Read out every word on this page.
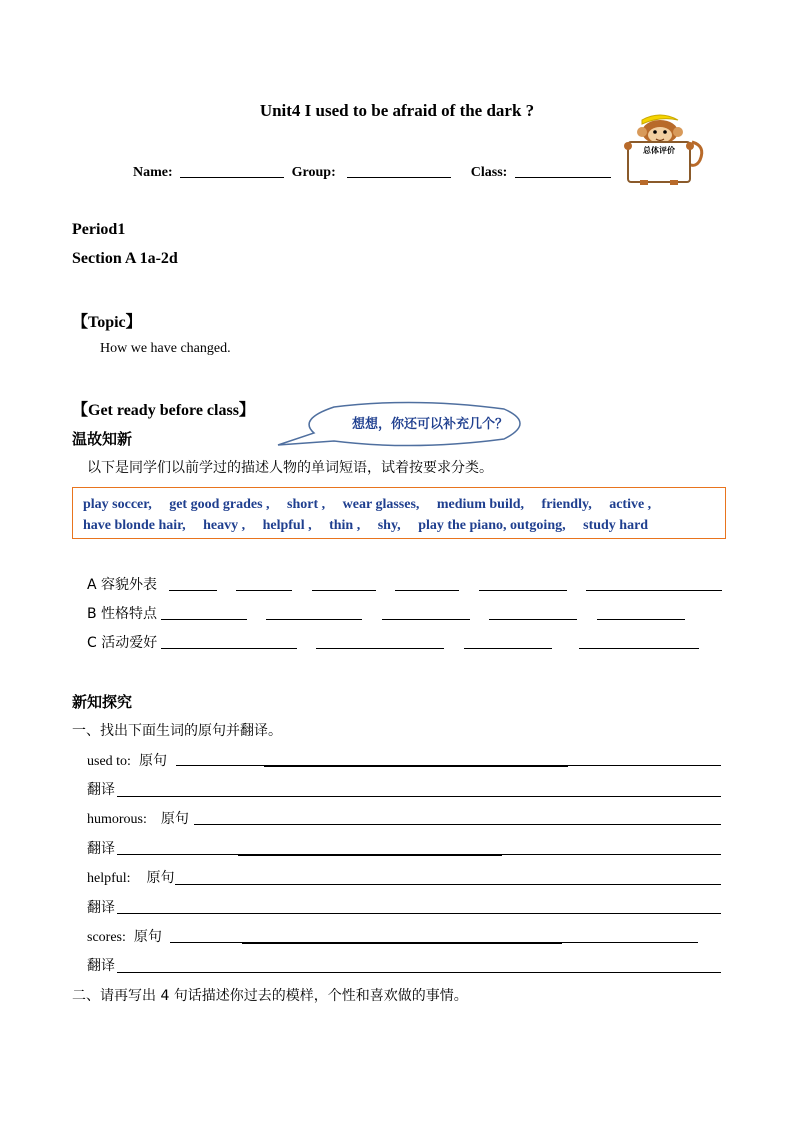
Unit4 I used to be afraid of the dark ?
Name:	Group:	Class:
总体评价
Period1
Section A 1a-2d
【Topic】
How we have changed.
【Get ready before class】
想想，你还可以补充几个？
温故知新
以下是同学们以前学过的描述人物的单词短语，试着按要求分类。
play soccer, get good grades , short , wear glasses, medium build, friendly, active ,
have blonde hair, heavy , helpful , thin , shy, play the piano, outgoing, study hard
A 容貌外表
B 性格特点
C 活动爱好
新知探究
一、找出下面生词的原句并翻译。
used to: 原句
翻译
humorous: 原句
翻译
helpful: 原句
翻译
scores: 原句
翻译
二、请再写出 4 句话描述你过去的模样，个性和喜欢做的事情。
